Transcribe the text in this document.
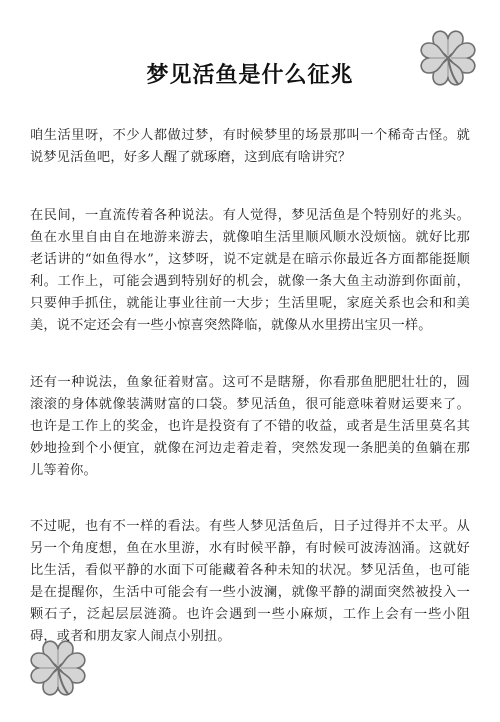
梦见活鱼是什么征兆
咱生活里呀，不少人都做过梦，有时候梦里的场景那叫一个稀奇古怪。就说梦见活鱼吧，好多人醒了就琢磨，这到底有啥讲究？
在民间，一直流传着各种说法。有人觉得，梦见活鱼是个特别好的兆头。鱼在水里自由自在地游来游去，就像咱生活里顺风顺水没烦恼。就好比那老话讲的“如鱼得水”，这梦呀，说不定就是在暗示你最近各方面都能挺顺利。工作上，可能会遇到特别好的机会，就像一条大鱼主动游到你面前，只要伸手抓住，就能让事业往前一大步；生活里呢，家庭关系也会和和美美，说不定还会有一些小惊喜突然降临，就像从水里捞出宝贝一样。
还有一种说法，鱼象征着财富。这可不是瞎掰，你看那鱼肥肥壮壮的，圆滚滚的身体就像装满财富的口袋。梦见活鱼，很可能意味着财运要来了。也许是工作上的奖金，也许是投资有了不错的收益，或者是生活里莫名其妙地捡到个小便宜，就像在河边走着走着，突然发现一条肥美的鱼躺在那儿等着你。
不过呢，也有不一样的看法。有些人梦见活鱼后，日子过得并不太平。从另一个角度想，鱼在水里游，水有时候平静，有时候可波涛汹涌。这就好比生活，看似平静的水面下可能藏着各种未知的状况。梦见活鱼，也可能是在提醒你，生活中可能会有一些小波澜，就像平静的湖面突然被投入一颗石子，泛起层层涟漪。也许会遇到一些小麻烦，工作上会有一些小阻碍，或者和朋友家人闹点小别扭。
